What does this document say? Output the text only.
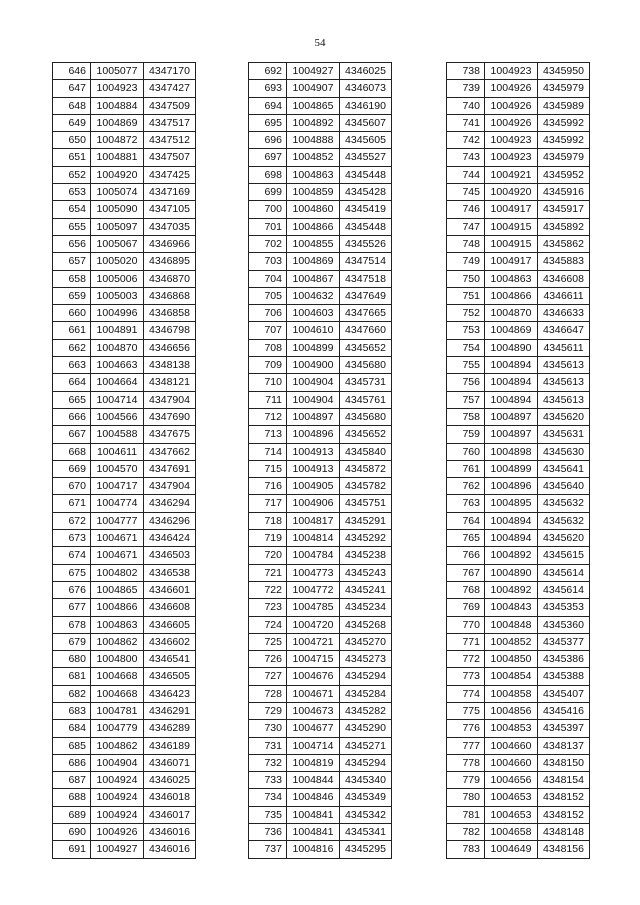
54
646	1005077	4347170
647	1004923	4347427
648	1004884	4347509
649	1004869	4347517
650	1004872	4347512
651	1004881	4347507
652	1004920	4347425
653	1005074	4347169
654	1005090	4347105
655	1005097	4347035
656	1005067	4346966
657	1005020	4346895
658	1005006	4346870
659	1005003	4346868
660	1004996	4346858
661	1004891	4346798
662	1004870	4346656
663	1004663	4348138
664	1004664	4348121
665	1004714	4347904
666	1004566	4347690
667	1004588	4347675
668	1004611	4347662
669	1004570	4347691
670	1004717	4347904
671	1004774	4346294
672	1004777	4346296
673	1004671	4346424
674	1004671	4346503
675	1004802	4346538
676	1004865	4346601
677	1004866	4346608
678	1004863	4346605
679	1004862	4346602
680	1004800	4346541
681	1004668	4346505
682	1004668	4346423
683	1004781	4346291
684	1004779	4346289
685	1004862	4346189
686	1004904	4346071
687	1004924	4346025
688	1004924	4346018
689	1004924	4346017
690	1004926	4346016
691	1004927	4346016
692	1004927	4346025
693	1004907	4346073
694	1004865	4346190
695	1004892	4345607
696	1004888	4345605
697	1004852	4345527
698	1004863	4345448
699	1004859	4345428
700	1004860	4345419
701	1004866	4345448
702	1004855	4345526
703	1004869	4347514
704	1004867	4347518
705	1004632	4347649
706	1004603	4347665
707	1004610	4347660
708	1004899	4345652
709	1004900	4345680
710	1004904	4345731
711	1004904	4345761
712	1004897	4345680
713	1004896	4345652
714	1004913	4345840
715	1004913	4345872
716	1004905	4345782
717	1004906	4345751
718	1004817	4345291
719	1004814	4345292
720	1004784	4345238
721	1004773	4345243
722	1004772	4345241
723	1004785	4345234
724	1004720	4345268
725	1004721	4345270
726	1004715	4345273
727	1004676	4345294
728	1004671	4345284
729	1004673	4345282
730	1004677	4345290
731	1004714	4345271
732	1004819	4345294
733	1004844	4345340
734	1004846	4345349
735	1004841	4345342
736	1004841	4345341
737	1004816	4345295
738	1004923	4345950
739	1004926	4345979
740	1004926	4345989
741	1004926	4345992
742	1004923	4345992
743	1004923	4345979
744	1004921	4345952
745	1004920	4345916
746	1004917	4345917
747	1004915	4345892
748	1004915	4345862
749	1004917	4345883
750	1004863	4346608
751	1004866	4346611
752	1004870	4346633
753	1004869	4346647
754	1004890	4345611
755	1004894	4345613
756	1004894	4345613
757	1004894	4345613
758	1004897	4345620
759	1004897	4345631
760	1004898	4345630
761	1004899	4345641
762	1004896	4345640
763	1004895	4345632
764	1004894	4345632
765	1004894	4345620
766	1004892	4345615
767	1004890	4345614
768	1004892	4345614
769	1004843	4345353
770	1004848	4345360
771	1004852	4345377
772	1004850	4345386
773	1004854	4345388
774	1004858	4345407
775	1004856	4345416
776	1004853	4345397
777	1004660	4348137
778	1004660	4348150
779	1004656	4348154
780	1004653	4348152
781	1004653	4348152
782	1004658	4348148
783	1004649	4348156
